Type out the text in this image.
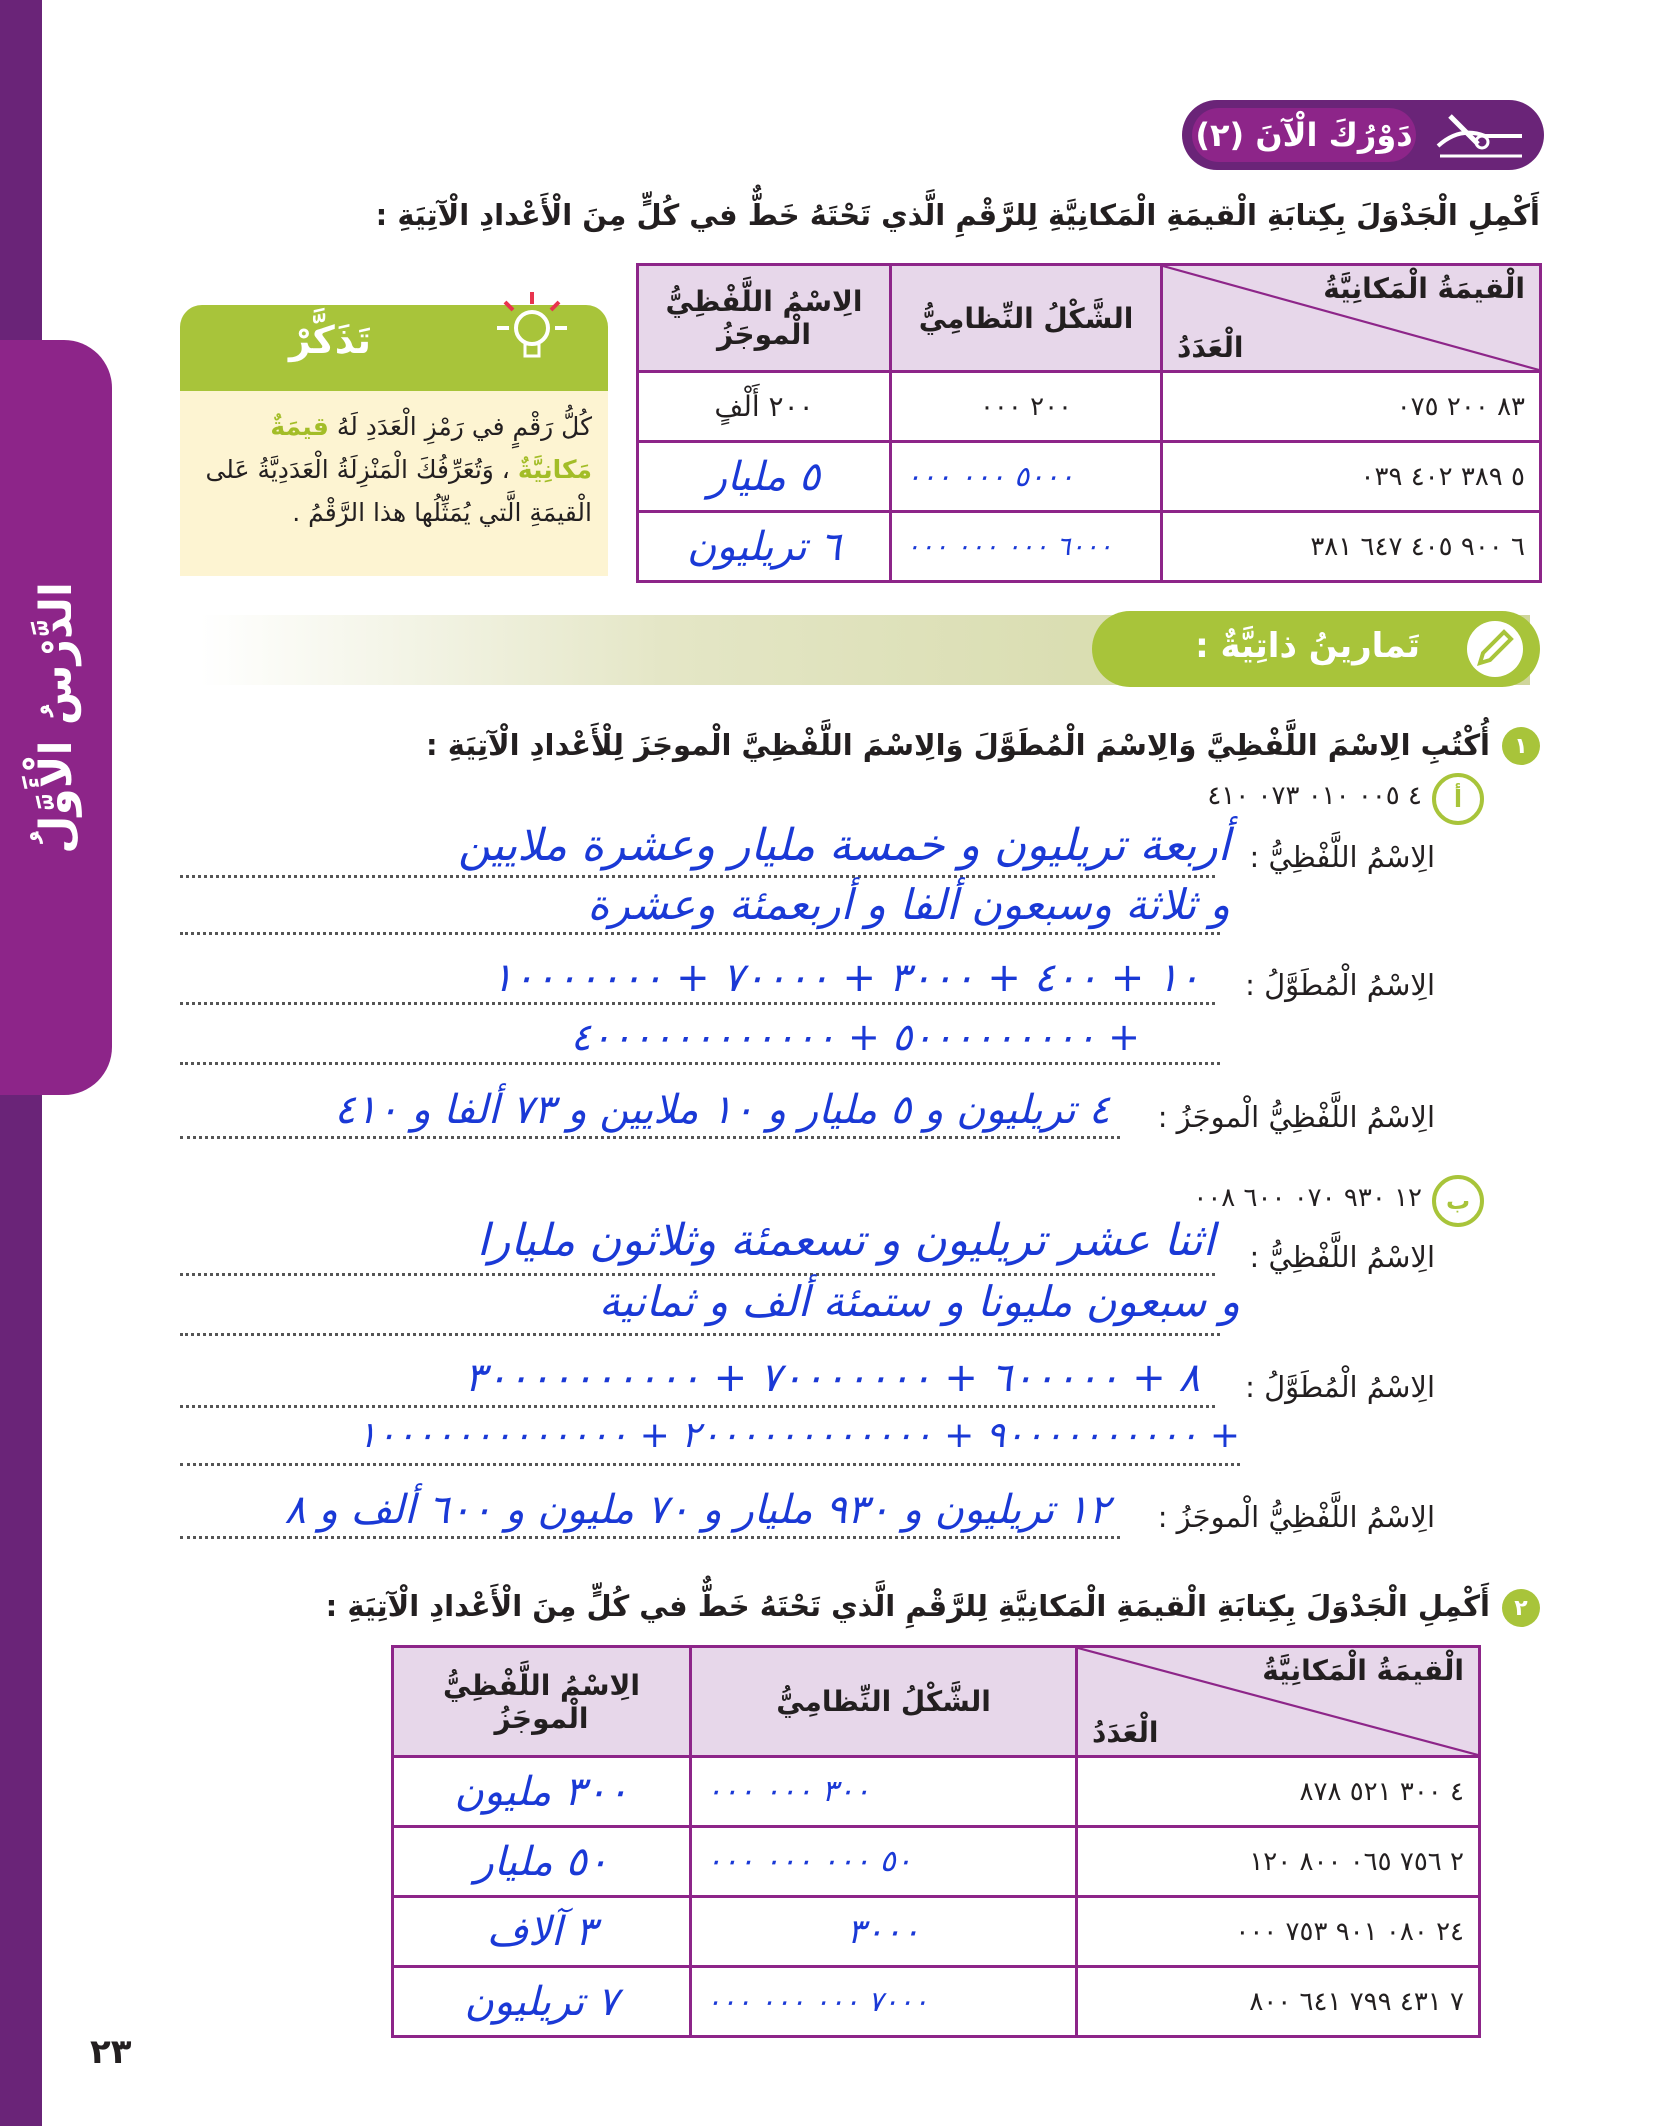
الدَّرْسُ الْأَوَّلُ
دَوْرُكَ الْآنَ (٢)
أَكْمِلِ الْجَدْوَلَ بِكِتابَةِ الْقيمَةِ الْمَكانِيَّةِ لِلرَّقْمِ الَّذي تَحْتَهُ خَطٌّ في كُلٍّ مِنَ الْأَعْدادِ الْآتِيَةِ :
الْقيمَةُ الْمَكانِيَّةُ
الْعَدَدُ	الشَّكْلُ النِّظامِيُّ	الِاسْمُ اللَّفْظِيُّ الْموجَزُ
٨٣ ٢٠٠ ٠٧٥	٢٠٠ ٠٠٠	٢٠٠ أَلْفٍ
٥ ٣٨٩ ٤٠٢ ٠٣٩	٥٠٠٠ ٠٠٠ ٠٠٠	٥ مليار
٦ ٩٠٠ ٤٠٥ ٦٤٧ ٣٨١	٦٠٠٠ ٠٠٠ ٠٠٠ ٠٠٠	٦ تريليون
تَذَكَّرْ
كُلُّ رَقْمٍ في رَمْزِ الْعَدَدِ لَهُ قيمَةٌ مَكانِيَّةٌ ، وَتُعَرِّفُكَ الْمَنْزِلَةُ الْعَدَدِيَّةُ عَلى الْقيمَةِ الَّتي يُمَثِّلُها هذا الرَّقْمُ .
تَمارينُ ذاتِيَّةٌ :
١
أُكْتُبِ الِاسْمَ اللَّفْظِيَّ وَالِاسْمَ الْمُطَوَّلَ وَالِاسْمَ اللَّفْظِيَّ الْموجَزَ لِلْأَعْدادِ الْآتِيَةِ :
أ
٤ ٠٠٥ ٠١٠ ٠٧٣ ٤١٠
الِاسْمُ اللَّفْظِيُّ :
أربعة تريليون و خمسة مليار وعشرة ملايين
و ثلاثة وسبعون ألفا و أربعمئة وعشرة
الِاسْمُ الْمُطَوَّلُ :
١٠ + ٤٠٠ + ٣٠٠٠ + ٧٠٠٠٠ + ١٠٠٠٠٠٠٠
+ ٥٠٠٠٠٠٠٠٠٠ + ٤٠٠٠٠٠٠٠٠٠٠٠٠
الِاسْمُ اللَّفْظِيُّ الْموجَزُ :
٤ تريليون و ٥ مليار و ١٠ ملايين و ٧٣ ألفا و ٤١٠
ب
١٢ ٩٣٠ ٠٧٠ ٦٠٠ ٠٠٨
الِاسْمُ اللَّفْظِيُّ :
اثنا عشر تريليون و تسعمئة وثلاثون مليارا
و سبعون مليونا و ستمئة ألف و ثمانية
الِاسْمُ الْمُطَوَّلُ :
٨ + ٦٠٠٠٠٠ + ٧٠٠٠٠٠٠٠ + ٣٠٠٠٠٠٠٠٠٠٠
+ ٩٠٠٠٠٠٠٠٠٠٠ + ٢٠٠٠٠٠٠٠٠٠٠٠٠ + ١٠٠٠٠٠٠٠٠٠٠٠٠٠
الِاسْمُ اللَّفْظِيُّ الْموجَزُ :
١٢ تريليون و ٩٣٠ مليار و ٧٠ مليون و ٦٠٠ ألف و ٨
٢
أَكْمِلِ الْجَدْوَلَ بِكِتابَةِ الْقيمَةِ الْمَكانِيَّةِ لِلرَّقْمِ الَّذي تَحْتَهُ خَطٌّ في كُلٍّ مِنَ الْأَعْدادِ الْآتِيَةِ :
الْقيمَةُ الْمَكانِيَّةُ
الْعَدَدُ	الشَّكْلُ النِّظامِيُّ	الِاسْمُ اللَّفْظِيُّ الْموجَزُ
٤ ٣٠٠ ٥٢١ ٨٧٨	٣٠٠ ٠٠٠ ٠٠٠	٣٠٠ مليون
٢ ٧٥٦ ٠٦٥ ٨٠٠ ١٢٠	٥٠ ٠٠٠ ٠٠٠ ٠٠٠	٥٠ مليار
٢٤ ٠٨٠ ٩٠١ ٧٥٣ ٠٠٠	٣٠٠٠	٣ آلاف
٧ ٤٣١ ٧٩٩ ٦٤١ ٨٠٠	٧٠٠٠ ٠٠٠ ٠٠٠ ٠٠٠	٧ تريليون
٢٣
